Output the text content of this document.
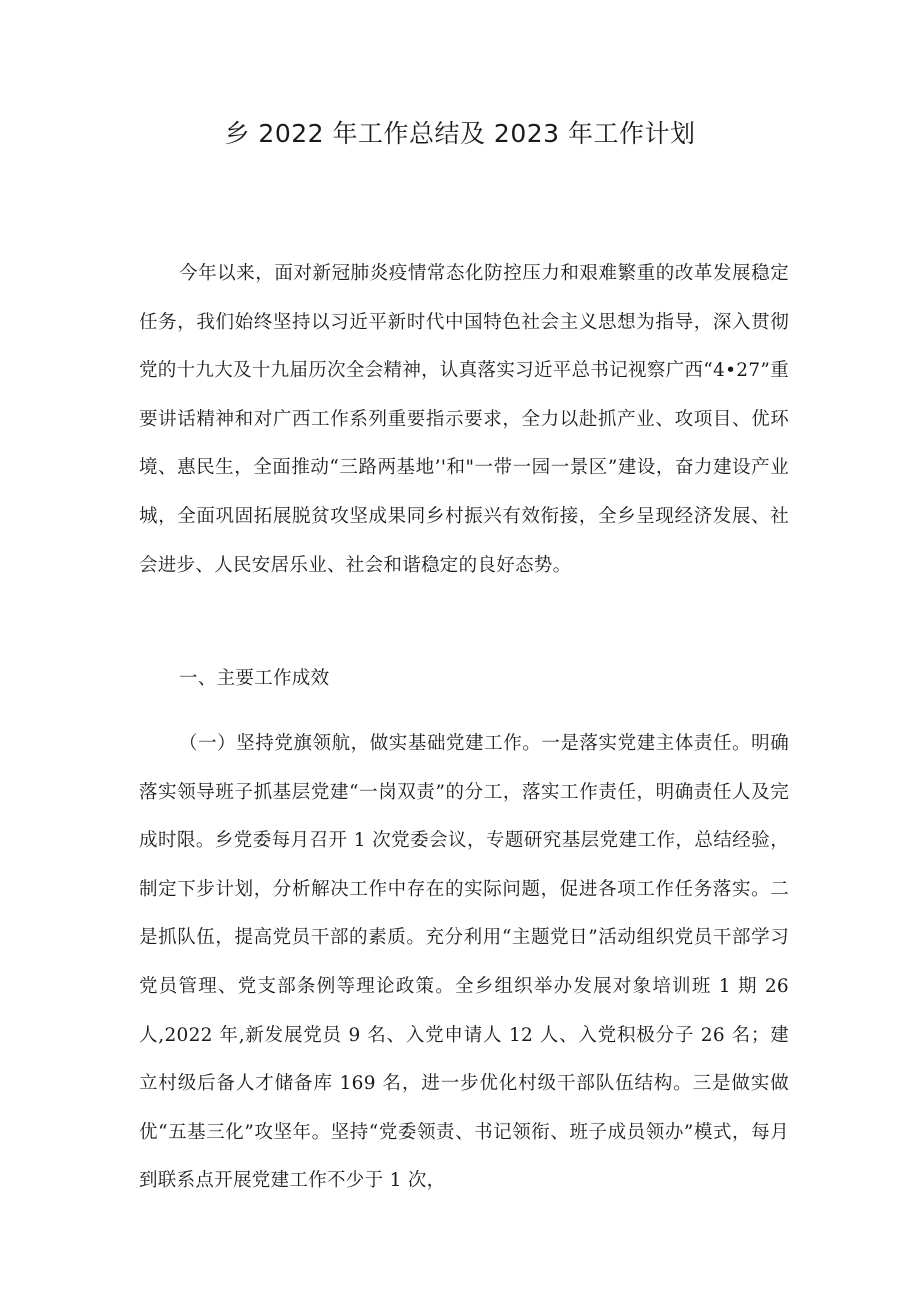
乡 2022 年工作总结及 2023 年工作计划

今年以来，面对新冠肺炎疫情常态化防控压力和艰难繁重的改革发展稳定任务，我们始终坚持以习近平新时代中国特色社会主义思想为指导，深入贯彻党的十九大及十九届历次全会精神，认真落实习近平总书记视察广西“4•27”重要讲话精神和对广西工作系列重要指示要求，全力以赴抓产业、攻项目、优环境、惠民生，全面推动“三路两基地’'和"一带一园一景区”建设，奋力建设产业城，全面巩固拓展脱贫攻坚成果同乡村振兴有效衔接，全乡呈现经济发展、社会进步、人民安居乐业、社会和谐稳定的良好态势。

一、主要工作成效

（一）坚持党旗领航，做实基础党建工作。一是落实党建主体责任。明确落实领导班子抓基层党建“一岗双责”的分工，落实工作责任，明确责任人及完成时限。乡党委每月召开 1 次党委会议，专题研究基层党建工作，总结经验，制定下步计划，分析解决工作中存在的实际问题，促进各项工作任务落实。二是抓队伍，提高党员干部的素质。充分利用“主题党日”活动组织党员干部学习党员管理、党支部条例等理论政策。全乡组织举办发展对象培训班 1 期 26 人,2022 年,新发展党员 9 名、入党申请人 12 人、入党积极分子 26 名；建立村级后备人才储备库 169 名，进一步优化村级干部队伍结构。三是做实做优“五基三化”攻坚年。坚持“党委领责、书记领衔、班子成员领办”模式，每月到联系点开展党建工作不少于 1 次，
